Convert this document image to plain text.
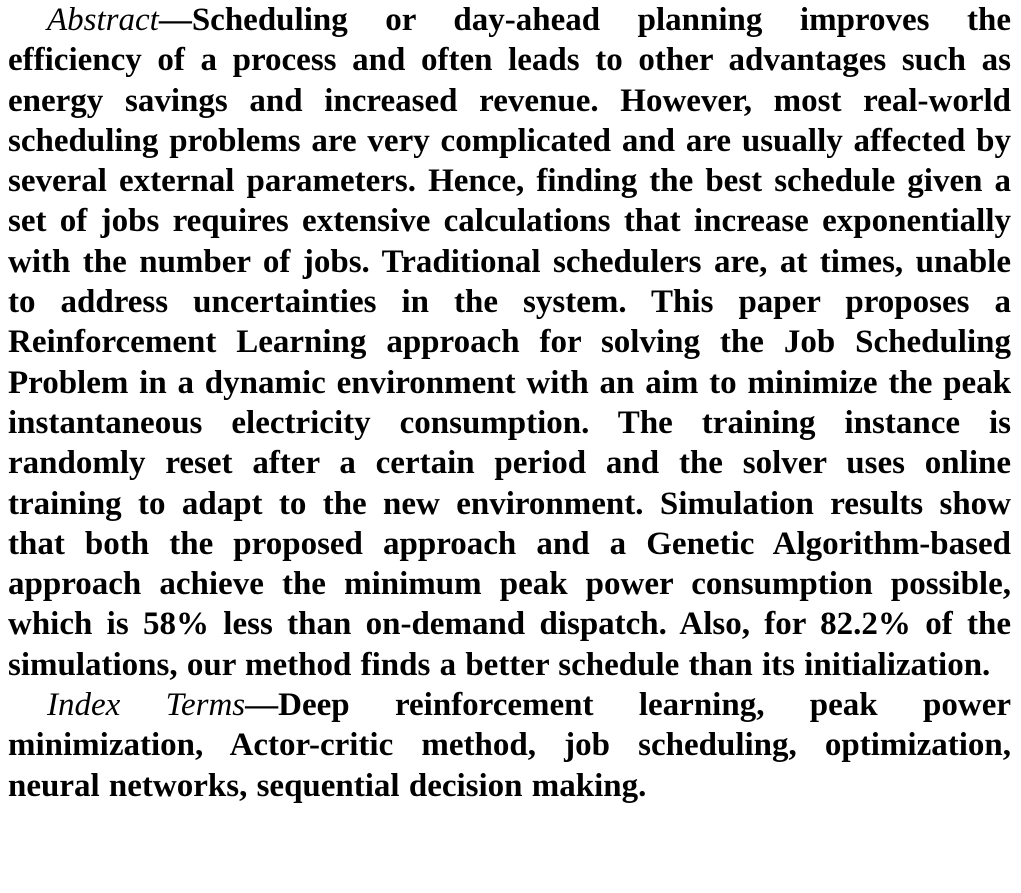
Abstract—Scheduling or day-ahead planning improves the efficiency of a process and often leads to other advantages such as energy savings and increased revenue. However, most real-world scheduling problems are very complicated and are usually affected by several external parameters. Hence, finding the best schedule given a set of jobs requires extensive calculations that increase exponentially with the number of jobs. Traditional schedulers are, at times, unable to address uncertainties in the system. This paper proposes a Reinforcement Learning approach for solving the Job Scheduling Problem in a dynamic environment with an aim to minimize the peak instantaneous electricity consumption. The training instance is randomly reset after a certain period and the solver uses online training to adapt to the new environment. Simulation results show that both the proposed approach and a Genetic Algorithm-based approach achieve the minimum peak power consumption possible, which is 58% less than on-demand dispatch. Also, for 82.2% of the simulations, our method finds a better schedule than its initialization.

Index Terms—Deep reinforcement learning, peak power minimization, Actor-critic method, job scheduling, optimization, neural networks, sequential decision making.
